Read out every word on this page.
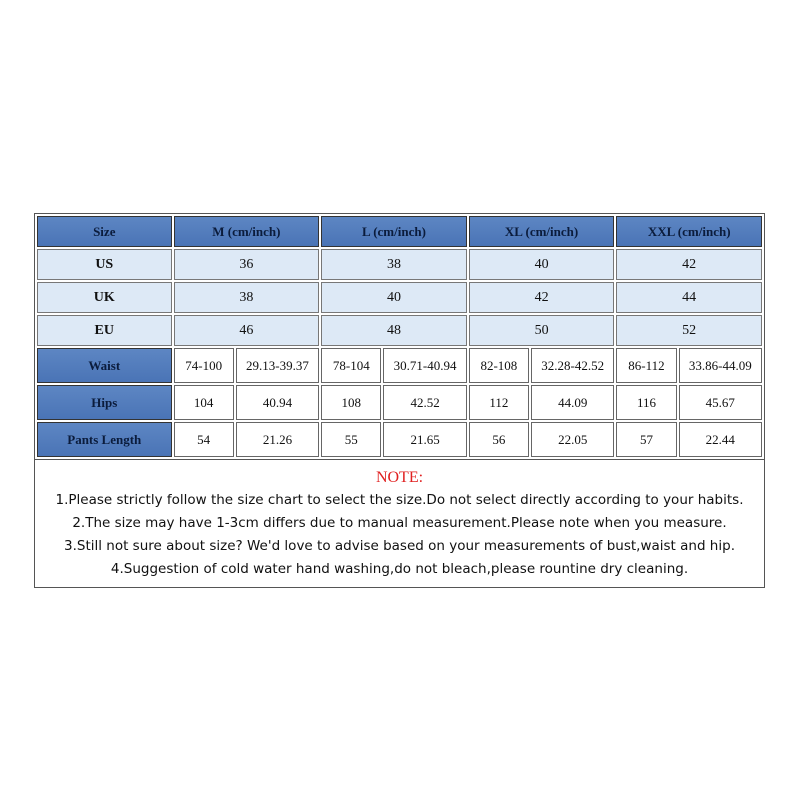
Size	M (cm/inch)		L (cm/inch)		XL (cm/inch)		XXL (cm/inch)	
US	36		38		40		42	
UK	38		40		42		44	
EU	46		48		50		52	
Waist	74-100	29.13-39.37	78-104	30.71-40.94	82-108	32.28-42.52	86-112	33.86-44.09
Hips	104	40.94	108	42.52	112	44.09	116	45.67
Pants Length	54	21.26	55	21.65	56	22.05	57	22.44
NOTE:
1.Please strictly follow the size chart to select the size.Do not select directly according to your habits.
2.The size may have 1-3cm differs due to manual measurement.Please note when you measure.
3.Still not sure about size? We'd love to advise based on your measurements of bust,waist and hip.
4.Suggestion of cold water hand washing,do not bleach,please rountine dry cleaning.
